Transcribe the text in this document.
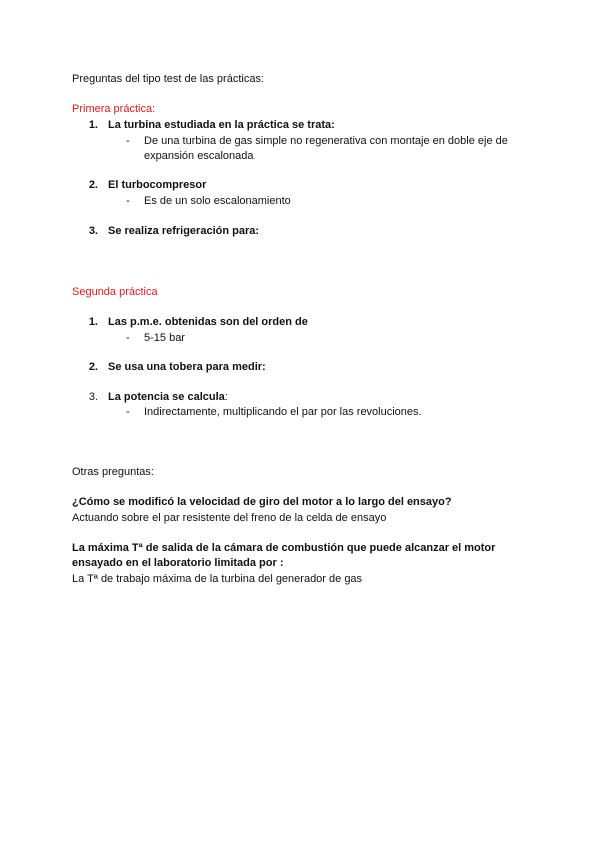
Preguntas del tipo test de las prácticas:
Primera práctica:
1. La turbina estudiada en la práctica se trata:
- De una turbina de gas simple no regenerativa con montaje en doble eje de expansión escalonada
2. El turbocompresor
- Es de un solo escalonamiento
3. Se realiza refrigeración para:
Segunda práctica
1. Las p.m.e. obtenidas son del orden de
- 5-15 bar
2. Se usa una tobera para medir:
3. La potencia se calcula:
- Indirectamente, multiplicando el par por las revoluciones.
Otras preguntas:
¿Cómo se modificó la velocidad de giro del motor a lo largo del ensayo?
Actuando sobre el par resistente del freno de la celda de ensayo
La máxima Tª de salida de la cámara de combustión que puede alcanzar el motor ensayado en el laboratorio limitada por :
La Tª de trabajo máxima de la turbina del generador de gas
